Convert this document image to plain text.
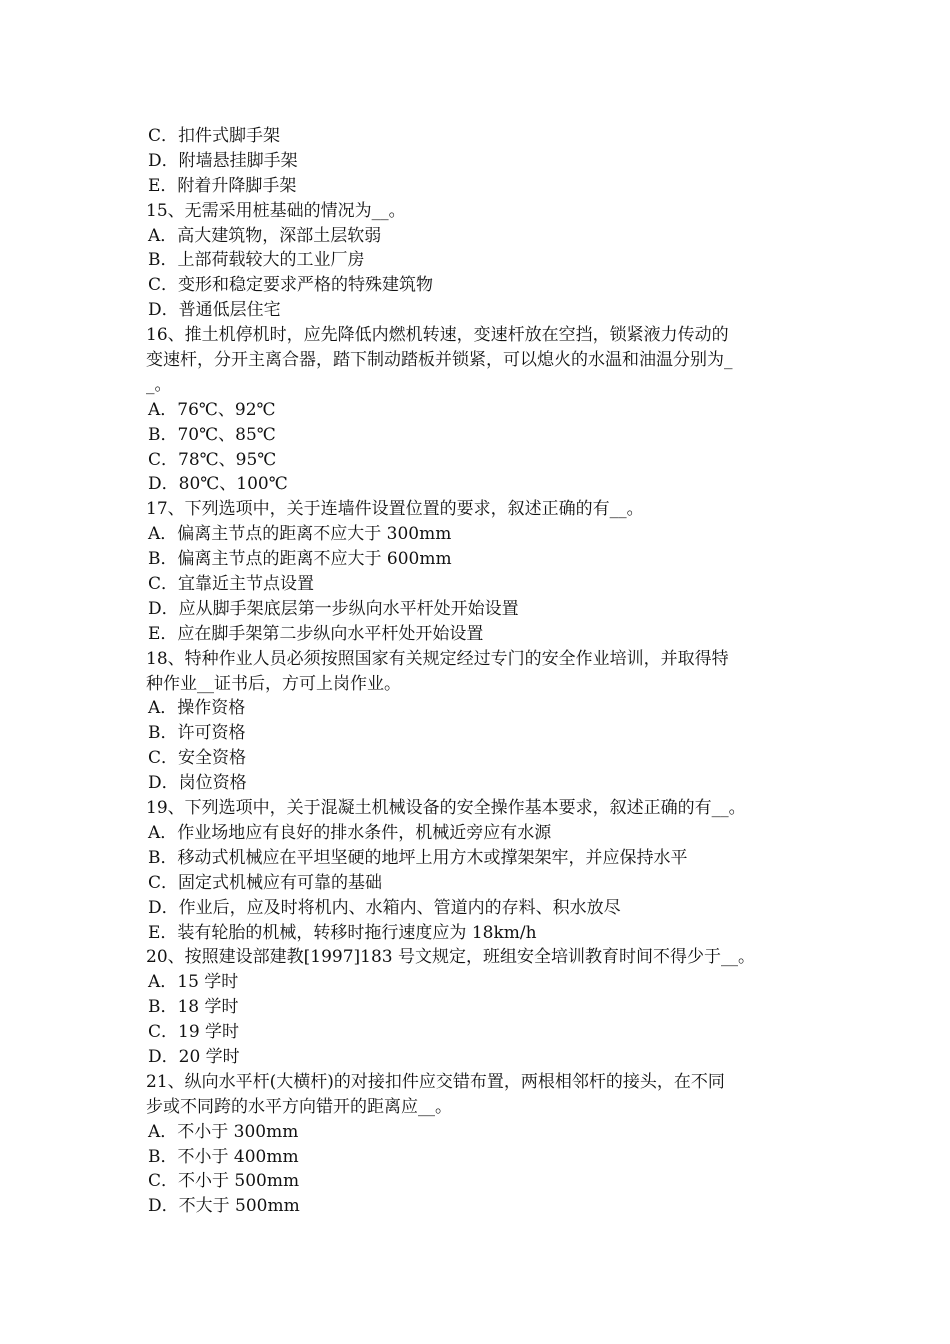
C．扣件式脚手架
D．附墙悬挂脚手架
E．附着升降脚手架
15、无需采用桩基础的情况为__。
A．高大建筑物，深部土层软弱
B．上部荷载较大的工业厂房
C．变形和稳定要求严格的特殊建筑物
D．普通低层住宅
16、推土机停机时，应先降低内燃机转速，变速杆放在空挡，锁紧液力传动的
变速杆，分开主离合器，踏下制动踏板并锁紧，可以熄火的水温和油温分别为_
_。
A．76℃、92℃
B．70℃、85℃
C．78℃、95℃
D．80℃、100℃
17、下列选项中，关于连墙件设置位置的要求，叙述正确的有__。
A．偏离主节点的距离不应大于 300mm
B．偏离主节点的距离不应大于 600mm
C．宜靠近主节点设置
D．应从脚手架底层第一步纵向水平杆处开始设置
E．应在脚手架第二步纵向水平杆处开始设置
18、特种作业人员必须按照国家有关规定经过专门的安全作业培训，并取得特
种作业__证书后，方可上岗作业。
A．操作资格
B．许可资格
C．安全资格
D．岗位资格
19、下列选项中，关于混凝土机械设备的安全操作基本要求，叙述正确的有__。
A．作业场地应有良好的排水条件，机械近旁应有水源
B．移动式机械应在平坦坚硬的地坪上用方木或撑架架牢，并应保持水平
C．固定式机械应有可靠的基础
D．作业后，应及时将机内、水箱内、管道内的存料、积水放尽
E．装有轮胎的机械，转移时拖行速度应为 18km/h
20、按照建设部建教[1997]183 号文规定，班组安全培训教育时间不得少于__。
A．15 学时
B．18 学时
C．19 学时
D．20 学时
21、纵向水平杆(大横杆)的对接扣件应交错布置，两根相邻杆的接头，在不同
步或不同跨的水平方向错开的距离应__。
A．不小于 300mm
B．不小于 400mm
C．不小于 500mm
D．不大于 500mm
